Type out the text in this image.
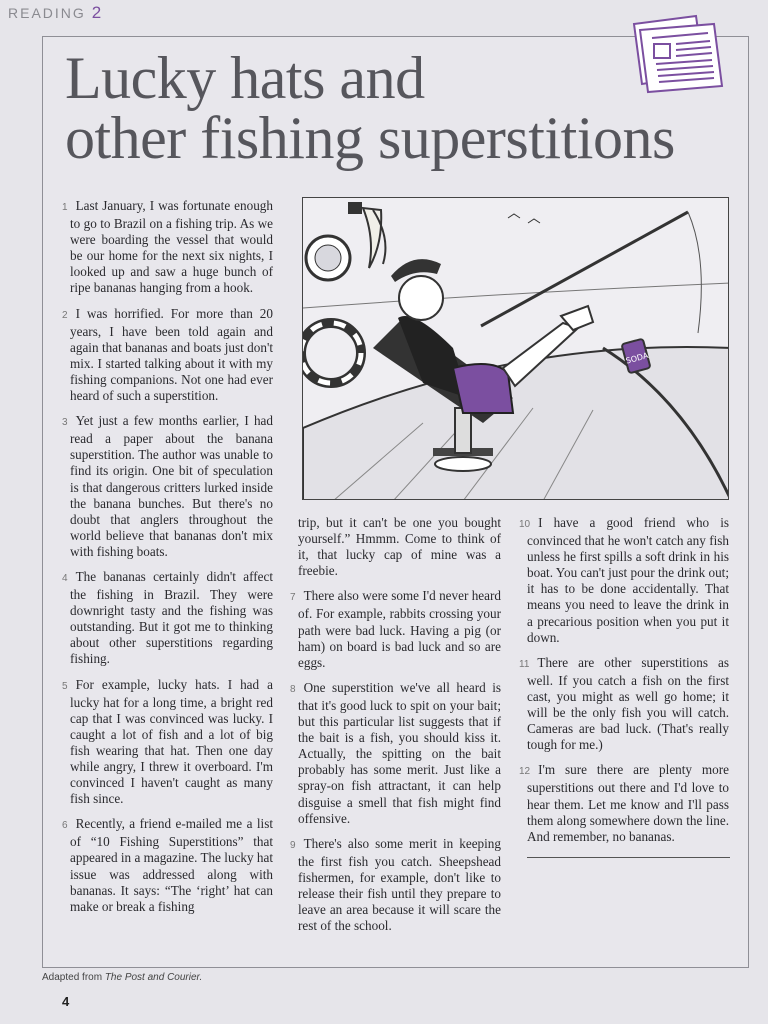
READING 2
Lucky hats and
other fishing superstitions

1 Last January, I was fortunate enough to go to Brazil on a fishing trip. As we were boarding the vessel that would be our home for the next six nights, I looked up and saw a huge bunch of ripe bananas hanging from a hook.

2 I was horrified. For more than 20 years, I have been told again and again that bananas and boats just don't mix. I started talking about it with my fishing companions. Not one had ever heard of such a superstition.

3 Yet just a few months earlier, I had read a paper about the banana superstition. The author was unable to find its origin. One bit of speculation is that dangerous critters lurked inside the banana bunches. But there's no doubt that anglers throughout the world believe that bananas don't mix with fishing boats.

4 The bananas certainly didn't affect the fishing in Brazil. They were downright tasty and the fishing was outstanding. But it got me to thinking about other superstitions regarding fishing.

5 For example, lucky hats. I had a lucky hat for a long time, a bright red cap that I was convinced was lucky. I caught a lot of fish and a lot of big fish wearing that hat. Then one day while angry, I threw it overboard. I'm convinced I haven't caught as many fish since.

6 Recently, a friend e-mailed me a list of “10 Fishing Superstitions” that appeared in a magazine. The lucky hat issue was addressed along with bananas. It says: “The ‘right’ hat can make or break a fishing

SODA

trip, but it can't be one you bought yourself.” Hmmm. Come to think of it, that lucky cap of mine was a freebie.

7 There also were some I'd never heard of. For example, rabbits crossing your path were bad luck. Having a pig (or ham) on board is bad luck and so are eggs.

8 One superstition we've all heard is that it's good luck to spit on your bait; but this particular list suggests that if the bait is a fish, you should kiss it. Actually, the spitting on the bait probably has some merit. Just like a spray-on fish attractant, it can help disguise a smell that fish might find offensive.

9 There's also some merit in keeping the first fish you catch. Sheepshead fishermen, for example, don't like to release their fish until they prepare to leave an area because it will scare the rest of the school.

10 I have a good friend who is convinced that he won't catch any fish unless he first spills a soft drink in his boat. You can't just pour the drink out; it has to be done accidentally. That means you need to leave the drink in a precarious position when you put it down.

11 There are other superstitions as well. If you catch a fish on the first cast, you might as well go home; it will be the only fish you will catch. Cameras are bad luck. (That's really tough for me.)

12 I'm sure there are plenty more superstitions out there and I'd love to hear them. Let me know and I'll pass them along somewhere down the line. And remember, no bananas.

Adapted from The Post and Courier.
4
